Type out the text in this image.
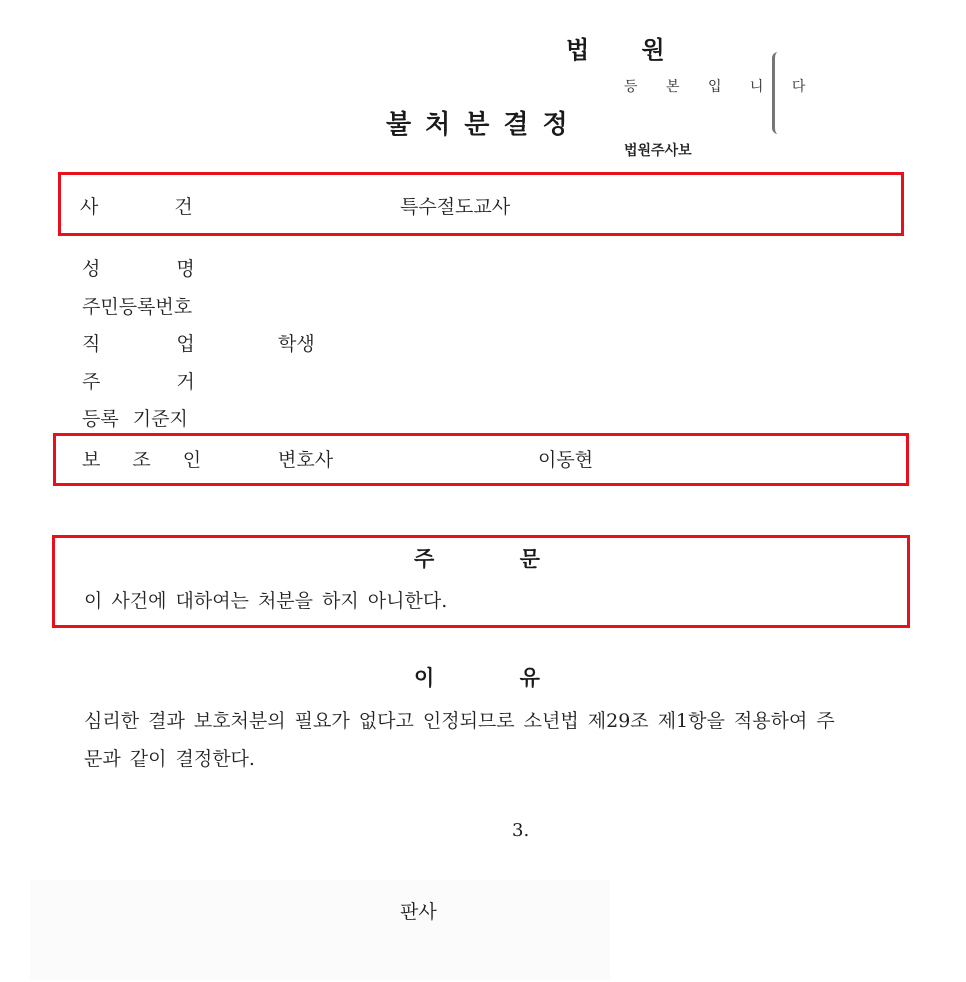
법 원
등 본 입 니 다
법원주사보
불처분결정
사 건	특수절도교사
성 명
주민등록번호
직 업	학생
주 거
등록 기준지
보 조 인	변호사	이동현
주 문
이 사건에 대하여는 처분을 하지 아니한다.
이 유
심리한 결과 보호처분의 필요가 없다고 인정되므로 소년법 제29조 제1항을 적용하여 주
문과 같이 결정한다.
3.
판사
